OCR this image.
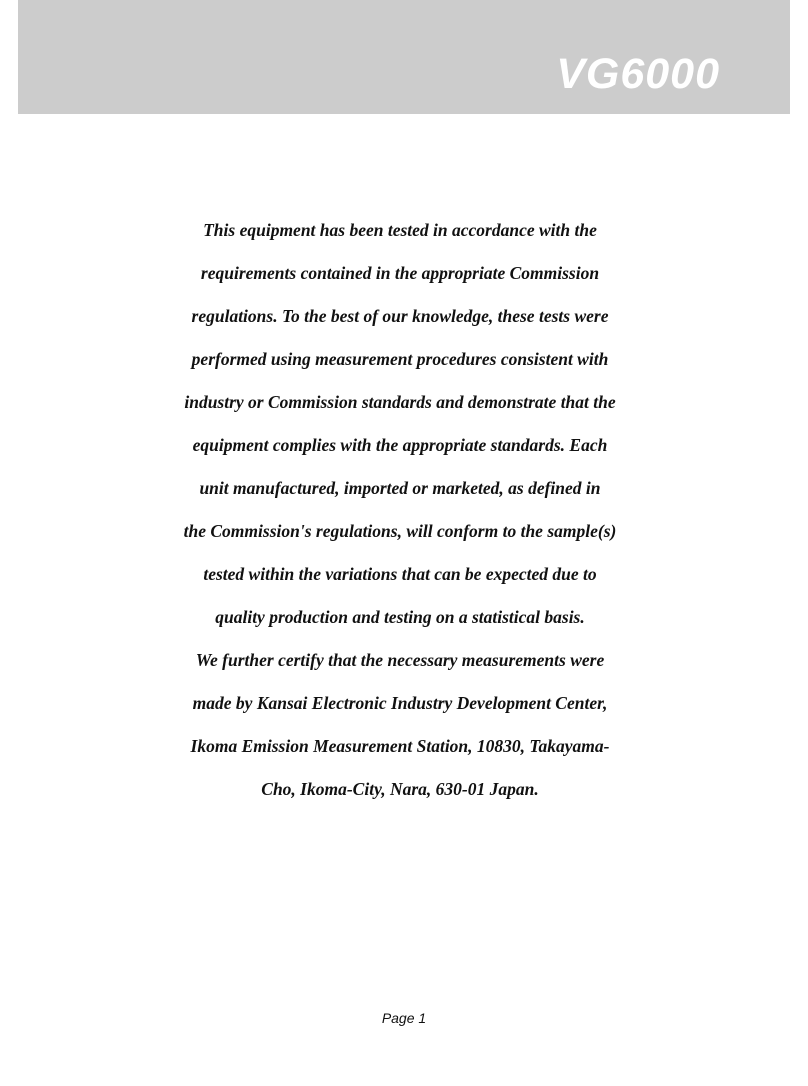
VG6000
This equipment has been tested in accordance with the
requirements contained in the appropriate Commission
regulations. To the best of our knowledge, these tests were
performed using measurement procedures consistent with
industry or Commission standards and demonstrate that the
equipment complies with the appropriate standards. Each
unit manufactured, imported or marketed, as defined in
the Commission's regulations, will conform to the sample(s)
tested within the variations that can be expected due to
quality production and testing on a statistical basis.
We further certify that the necessary measurements were
made by Kansai Electronic Industry Development Center,
Ikoma Emission Measurement Station, 10830, Takayama-
Cho, Ikoma-City, Nara, 630-01 Japan.
Page 1
